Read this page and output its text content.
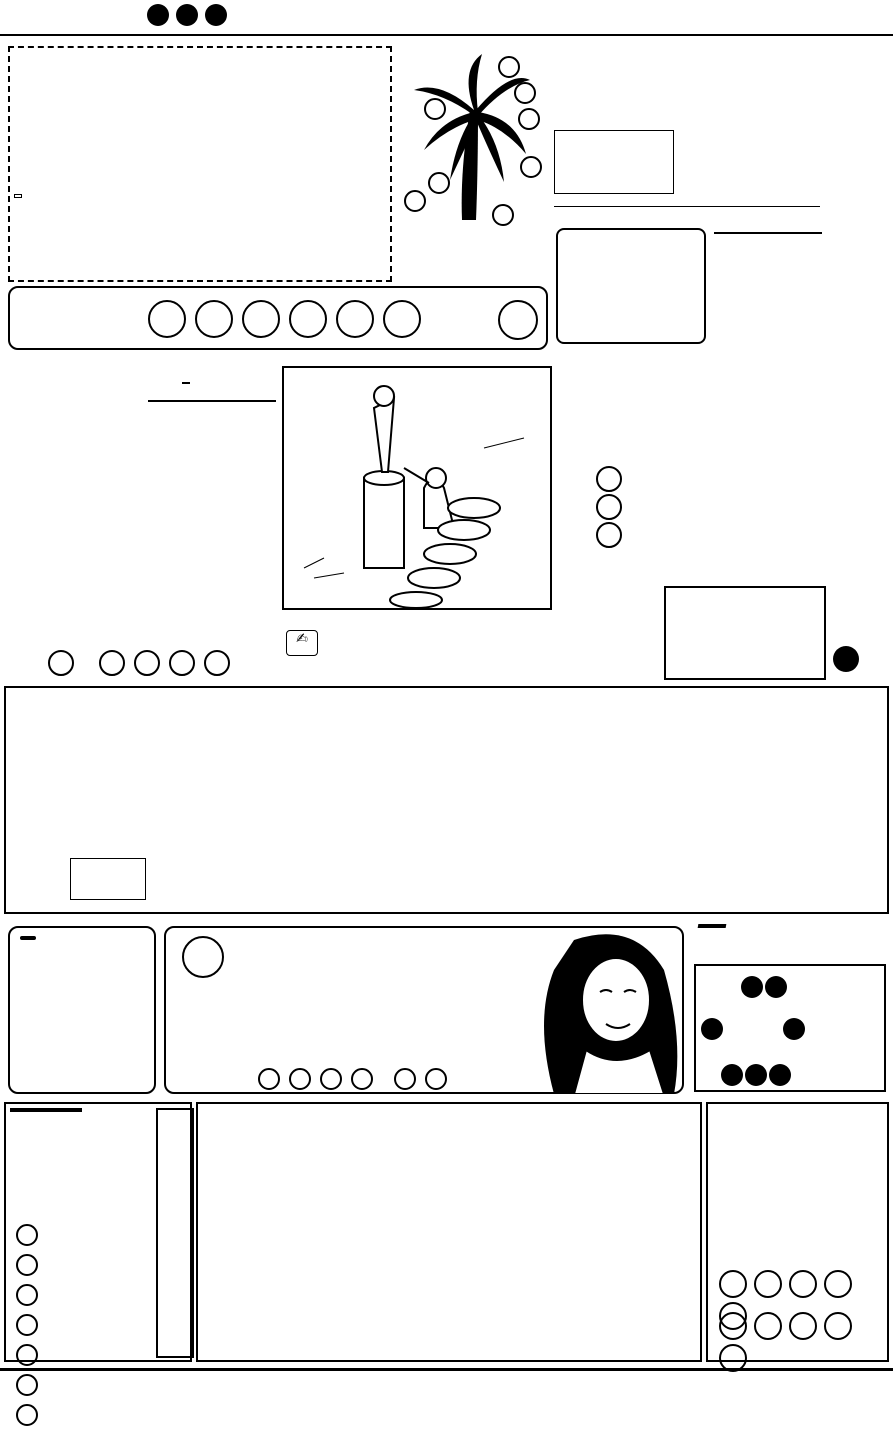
✍
